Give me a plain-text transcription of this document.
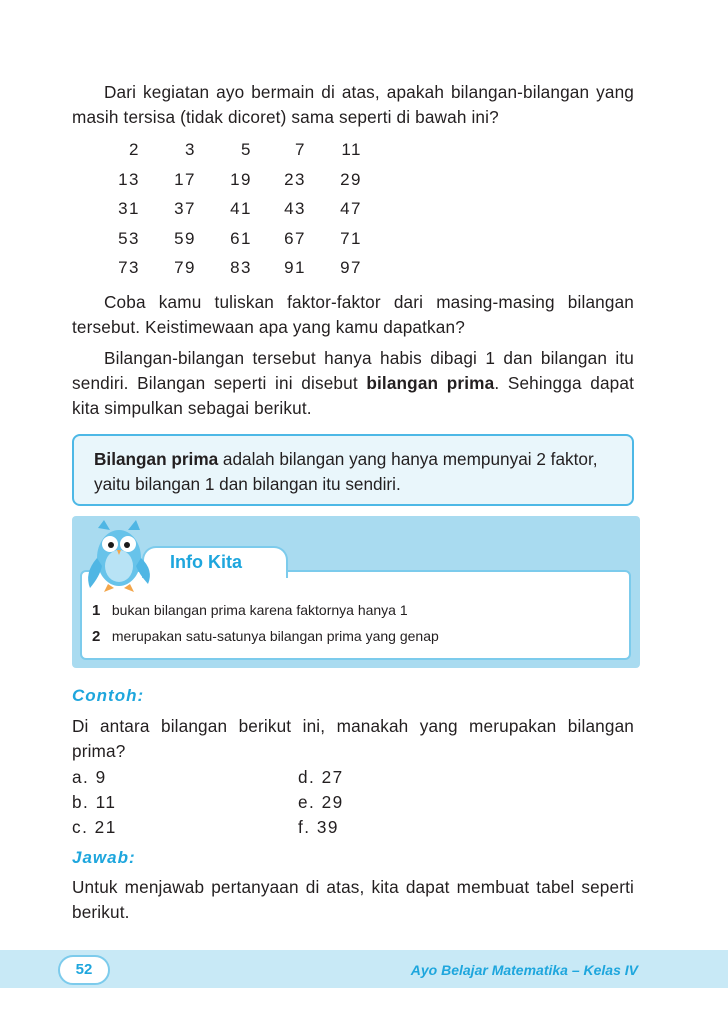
Dari kegiatan ayo bermain di atas, apakah bilangan-bilangan yang masih tersisa (tidak dicoret) sama seperti di bawah ini?

2	3	5	7	11
13	17	19	23	29
31	37	41	43	47
53	59	61	67	71
73	79	83	91	97

Coba kamu tuliskan faktor-faktor dari masing-masing bilangan tersebut. Keistimewaan apa yang kamu dapatkan?

Bilangan-bilangan tersebut hanya habis dibagi 1 dan bilangan itu sendiri. Bilangan seperti ini disebut bilangan prima. Sehingga dapat kita simpulkan sebagai berikut.

Bilangan prima adalah bilangan yang hanya mempunyai 2 faktor, yaitu bilangan 1 dan bilangan itu sendiri.

Info Kita
1 bukan bilangan prima karena faktornya hanya 1
2 merupakan satu-satunya bilangan prima yang genap
Contoh:

Di antara bilangan berikut ini, manakah yang merupakan bilangan prima?

a. 9
b. 11
c. 21
d. 27
e. 29
f. 39
Jawab:

Untuk menjawab pertanyaan di atas, kita dapat membuat tabel seperti berikut.

52	Ayo Belajar Matematika – Kelas IV
